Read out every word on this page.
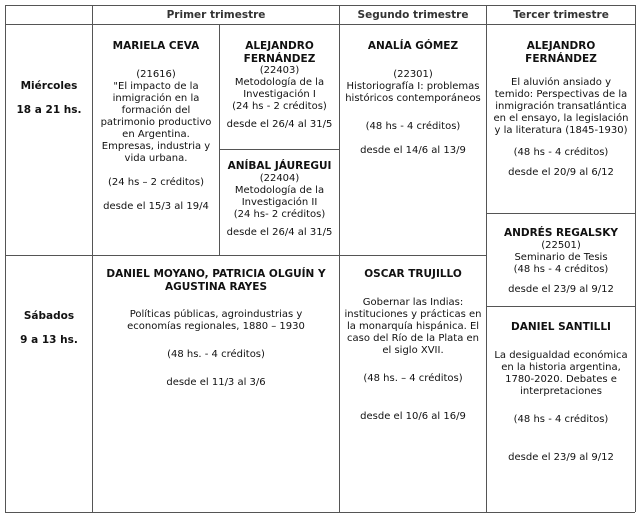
Primer trimestre	Segundo trimestre	Tercer trimestre
Miércoles
18 a 21 hs.
Sábados
9 a 13 hs.
MARIELA CEVA
(21616)
"El impacto de la inmigración en la formación del patrimonio productivo en Argentina. Empresas, industria y vida urbana.
(24 hs – 2 créditos)
desde el 15/3 al 19/4
ALEJANDRO FERNÁNDEZ
(22403)
Metodología de la Investigación I
(24 hs - 2 créditos)
desde el 26/4 al 31/5
ANÍBAL JÁUREGUI
(22404)
Metodología de la Investigación II
(24 hs- 2 créditos)
desde el 26/4 al 31/5
ANALÍA GÓMEZ
(22301)
Historiografía I: problemas históricos contemporáneos
(48 hs - 4 créditos)
desde el 14/6 al 13/9
ALEJANDRO FERNÁNDEZ
El aluvión ansiado y temido: Perspectivas de la inmigración transatlántica en el ensayo, la legislación y la literatura (1845-1930)
(48 hs - 4 créditos)
desde el 20/9 al 6/12
ANDRÉS REGALSKY
(22501)
Seminario de Tesis
(48 hs - 4 créditos)
desde el 23/9 al 9/12
DANIEL MOYANO, PATRICIA OLGUÍN Y AGUSTINA RAYES
Políticas públicas, agroindustrias y economías regionales, 1880 – 1930
(48 hs. - 4 créditos)
desde el 11/3 al 3/6
OSCAR TRUJILLO
Gobernar las Indias: instituciones y prácticas en la monarquía hispánica. El caso del Río de la Plata en el siglo XVII.
(48 hs. – 4 créditos)
desde el 10/6 al 16/9
DANIEL SANTILLI
La desigualdad económica en la historia argentina, 1780-2020. Debates e interpretaciones
(48 hs - 4 créditos)
desde el 23/9 al 9/12
